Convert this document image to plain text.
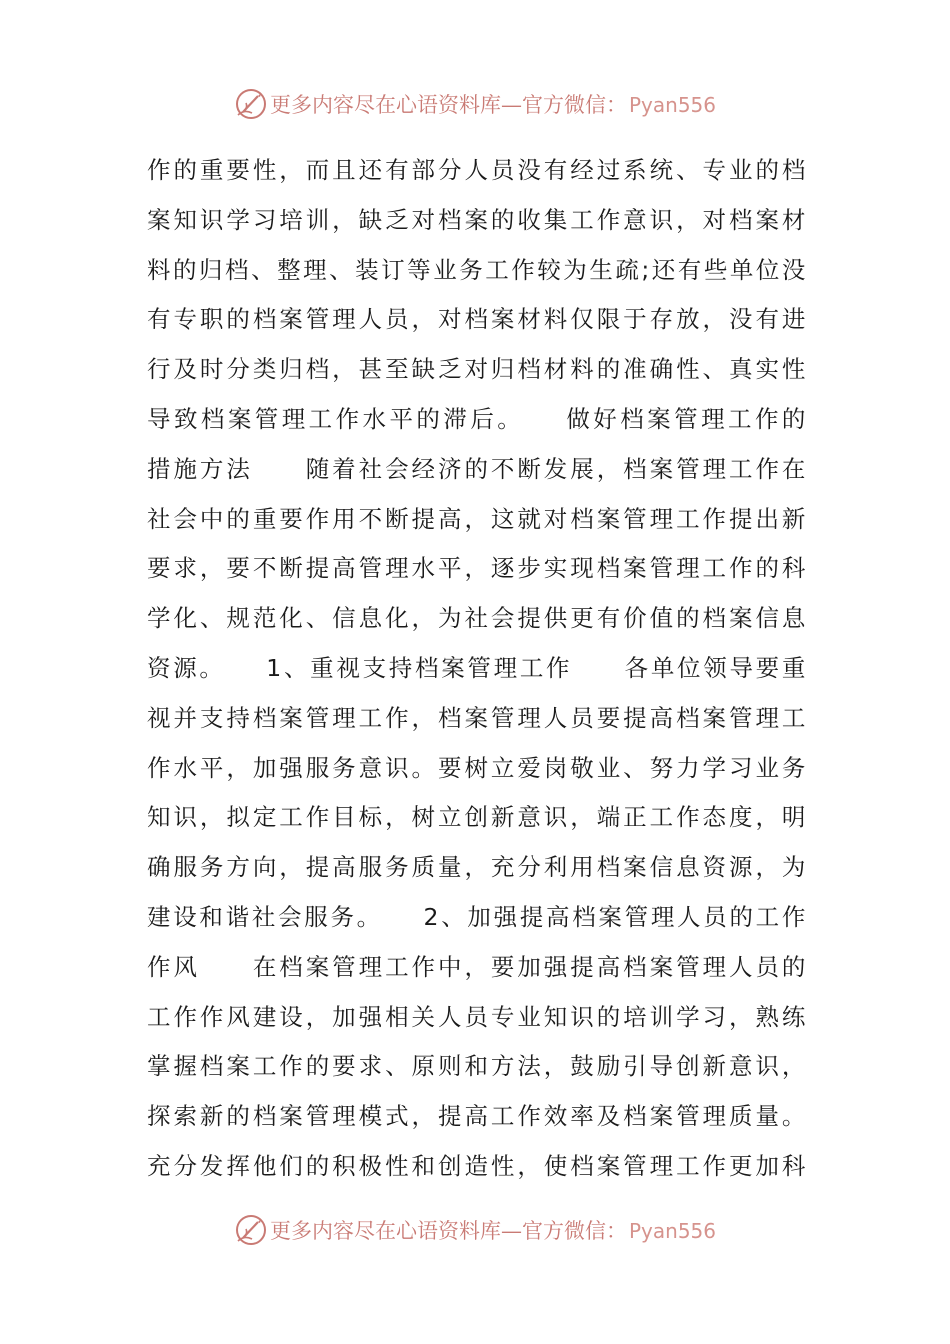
更多内容尽在心语资料库—官方微信： Pyan556
作的重要性，而且还有部分人员没有经过系统、专业的档
案知识学习培训，缺乏对档案的收集工作意识，对档案材
料的归档、整理、装订等业务工作较为生疏;还有些单位没
有专职的档案管理人员，对档案材料仅限于存放，没有进
行及时分类归档，甚至缺乏对归档材料的准确性、真实性
导致档案管理工作水平的滞后。　　做好档案管理工作的
措施方法　　随着社会经济的不断发展，档案管理工作在
社会中的重要作用不断提高，这就对档案管理工作提出新
要求，要不断提高管理水平，逐步实现档案管理工作的科
学化、规范化、信息化，为社会提供更有价值的档案信息
资源。　　1、重视支持档案管理工作　　各单位领导要重
视并支持档案管理工作，档案管理人员要提高档案管理工
作水平，加强服务意识。要树立爱岗敬业、努力学习业务
知识，拟定工作目标，树立创新意识，端正工作态度，明
确服务方向，提高服务质量，充分利用档案信息资源，为
建设和谐社会服务。　　2、加强提高档案管理人员的工作
作风　　在档案管理工作中，要加强提高档案管理人员的
工作作风建设，加强相关人员专业知识的培训学习，熟练
掌握档案工作的要求、原则和方法，鼓励引导创新意识，
探索新的档案管理模式，提高工作效率及档案管理质量。
充分发挥他们的积极性和创造性，使档案管理工作更加科
更多内容尽在心语资料库—官方微信： Pyan556
